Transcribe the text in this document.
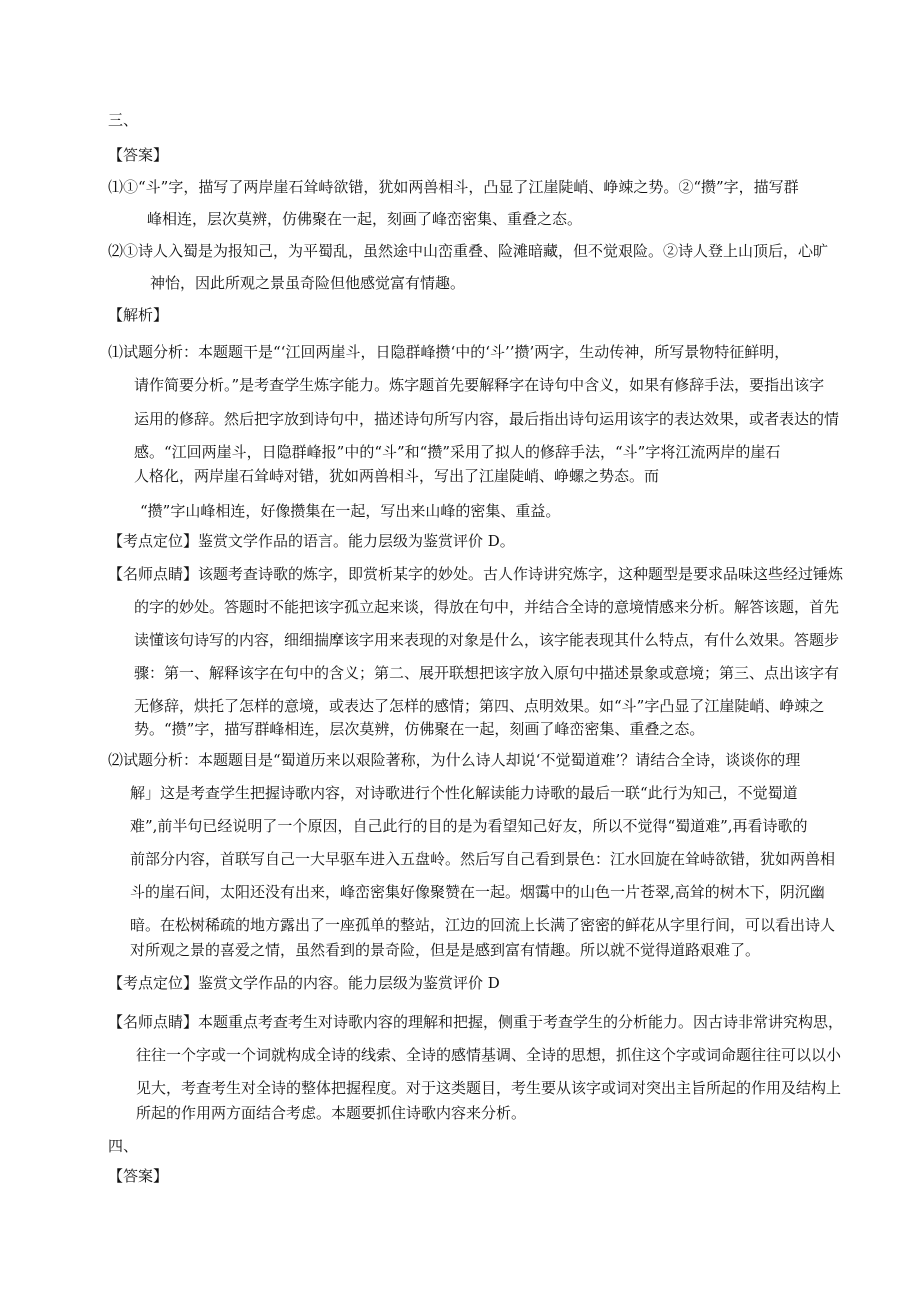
三、
【答案】
⑴①“斗”字，描写了两岸崖石耸峙欲错，犹如两兽相斗，凸显了江崖陡峭、峥竦之势。②“攒”字，描写群
峰相连，层次莫辨，仿佛聚在一起，刻画了峰峦密集、重叠之态。
⑵①诗人入蜀是为报知己，为平蜀乱，虽然途中山峦重叠、险滩暗藏，但不觉艰险。②诗人登上山顶后，心旷
神怡，因此所观之景虽奇险但他感觉富有情趣。
【解析】
⑴试题分析：本题题干是“‘江回两崖斗，日隐群峰攒‘中的‘斗’’攒’两字，生动传神，所写景物特征鲜明，
请作简要分析。”是考查学生炼字能力。炼字题首先要解释字在诗句中含义，如果有修辞手法，要指出该字
运用的修辞。然后把字放到诗句中，描述诗句所写内容，最后指出诗句运用该字的表达效果，或者表达的情
感。“江回两崖斗，日隐群峰报”中的“斗”和“攒”采用了拟人的修辞手法，“斗”字将江流两岸的崖石
人格化，两岸崖石耸峙对错，犹如两兽相斗，写出了江崖陡峭、峥螺之势态。而
“攒”字山峰相连，好像攒集在一起，写出来山峰的密集、重益。
【考点定位】鉴赏文学作品的语言。能力层级为鉴赏评价 D。
【名师点睛】该题考查诗歌的炼字，即赏析某字的妙处。古人作诗讲究炼字，这种题型是要求品味这些经过锤炼
的字的妙处。答题时不能把该字孤立起来谈，得放在句中，并结合全诗的意境情感来分析。解答该题，首先
读懂该句诗写的内容，细细揣摩该字用来表现的对象是什么，该字能表现其什么特点，有什么效果。答题步
骤：第一、解释该字在句中的含义；第二、展开联想把该字放入原句中描述景象或意境；第三、点出该字有
无修辞，烘托了怎样的意境，或表达了怎样的感情；第四、点明效果。如“斗”字凸显了江崖陡峭、峥竦之
势。“攒”字，描写群峰相连，层次莫辨，仿佛聚在一起，刻画了峰峦密集、重叠之态。
⑵试题分析：本题题目是“蜀道历来以艰险著称，为什么诗人却说‘不觉蜀道难’？请结合全诗，谈谈你的理
解」这是考查学生把握诗歌内容，对诗歌进行个性化解读能力诗歌的最后一联“此行为知己，不觉蜀道
难”,前半句已经说明了一个原因，自己此行的目的是为看望知己好友，所以不觉得“蜀道难”,再看诗歌的
前部分内容，首联写自己一大早驱车进入五盘岭。然后写自己看到景色：江水回旋在耸峙欲错，犹如两兽相
斗的崖石间，太阳还没有出来，峰峦密集好像聚赞在一起。烟霭中的山色一片苍翠,高耸的树木下，阴沉幽
暗。在松树稀疏的地方露出了一座孤单的整站，江边的回流上长满了密密的鲜花从字里行间，可以看出诗人
对所观之景的喜爱之情，虽然看到的景奇险，但是是感到富有情趣。所以就不觉得道路艰难了。
【考点定位】鉴赏文学作品的内容。能力层级为鉴赏评价 D
【名师点睛】本题重点考查考生对诗歌内容的理解和把握，侧重于考查学生的分析能力。因古诗非常讲究构思，
往往一个字或一个词就构成全诗的线索、全诗的感情基调、全诗的思想，抓住这个字或词命题往往可以以小
见大，考查考生对全诗的整体把握程度。对于这类题目，考生要从该字或词对突出主旨所起的作用及结构上
所起的作用两方面结合考虑。本题要抓住诗歌内容来分析。
四、
【答案】
